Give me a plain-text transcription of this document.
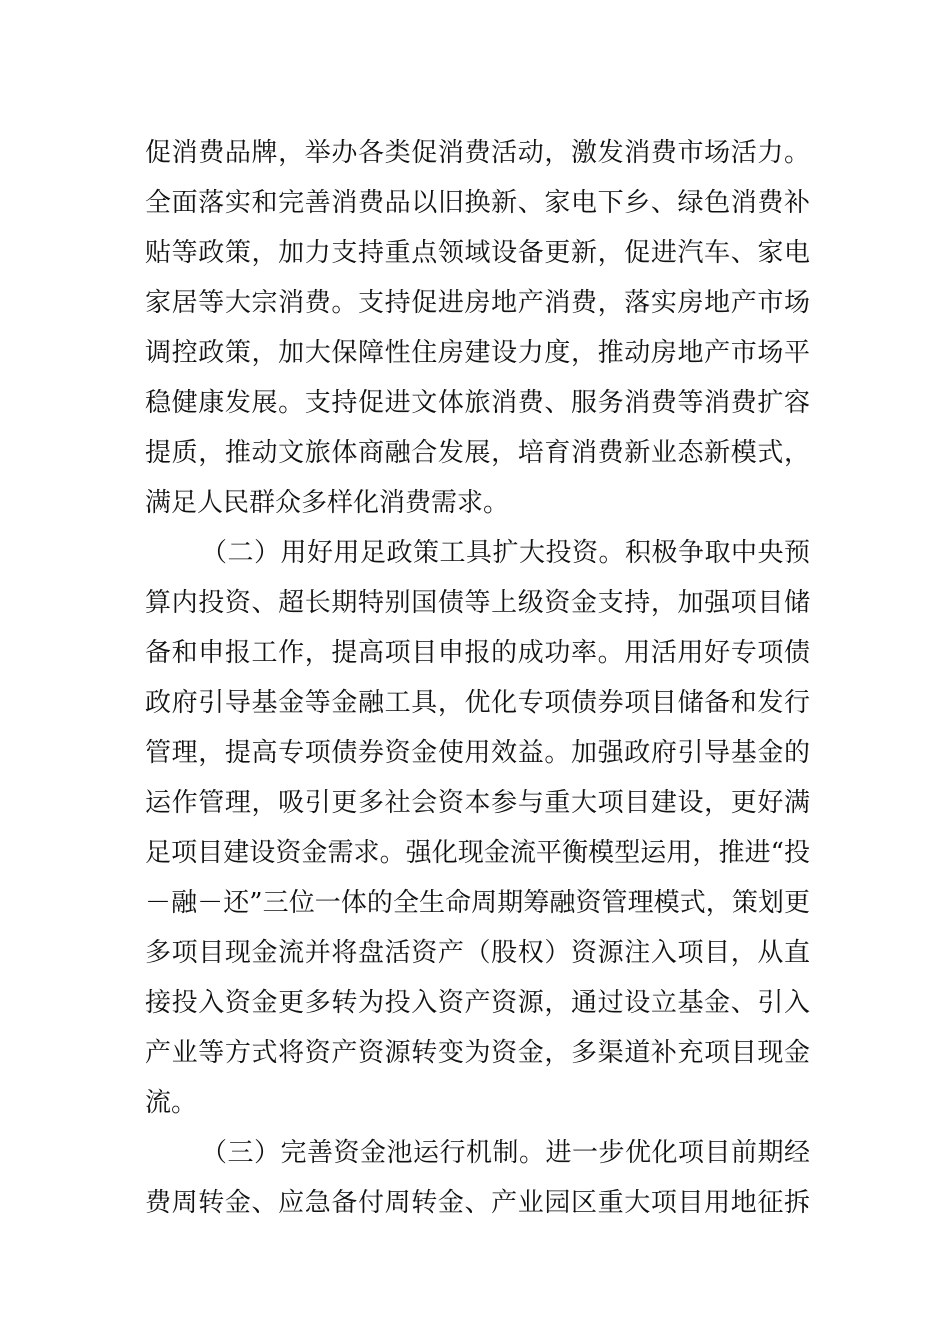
促消费品牌，举办各类促消费活动，激发消费市场活力。
全面落实和完善消费品以旧换新、家电下乡、绿色消费补
贴等政策，加力支持重点领域设备更新，促进汽车、家电
家居等大宗消费。支持促进房地产消费，落实房地产市场
调控政策，加大保障性住房建设力度，推动房地产市场平
稳健康发展。支持促进文体旅消费、服务消费等消费扩容
提质，推动文旅体商融合发展，培育消费新业态新模式，
满足人民群众多样化消费需求。
（二）用好用足政策工具扩大投资。积极争取中央预
算内投资、超长期特别国债等上级资金支持，加强项目储
备和申报工作，提高项目申报的成功率。用活用好专项债
政府引导基金等金融工具，优化专项债券项目储备和发行
管理，提高专项债券资金使用效益。加强政府引导基金的
运作管理，吸引更多社会资本参与重大项目建设，更好满
足项目建设资金需求。强化现金流平衡模型运用，推进“投
－融－还”三位一体的全生命周期筹融资管理模式，策划更
多项目现金流并将盘活资产（股权）资源注入项目，从直
接投入资金更多转为投入资产资源，通过设立基金、引入
产业等方式将资产资源转变为资金，多渠道补充项目现金
流。
（三）完善资金池运行机制。进一步优化项目前期经
费周转金、应急备付周转金、产业园区重大项目用地征拆
